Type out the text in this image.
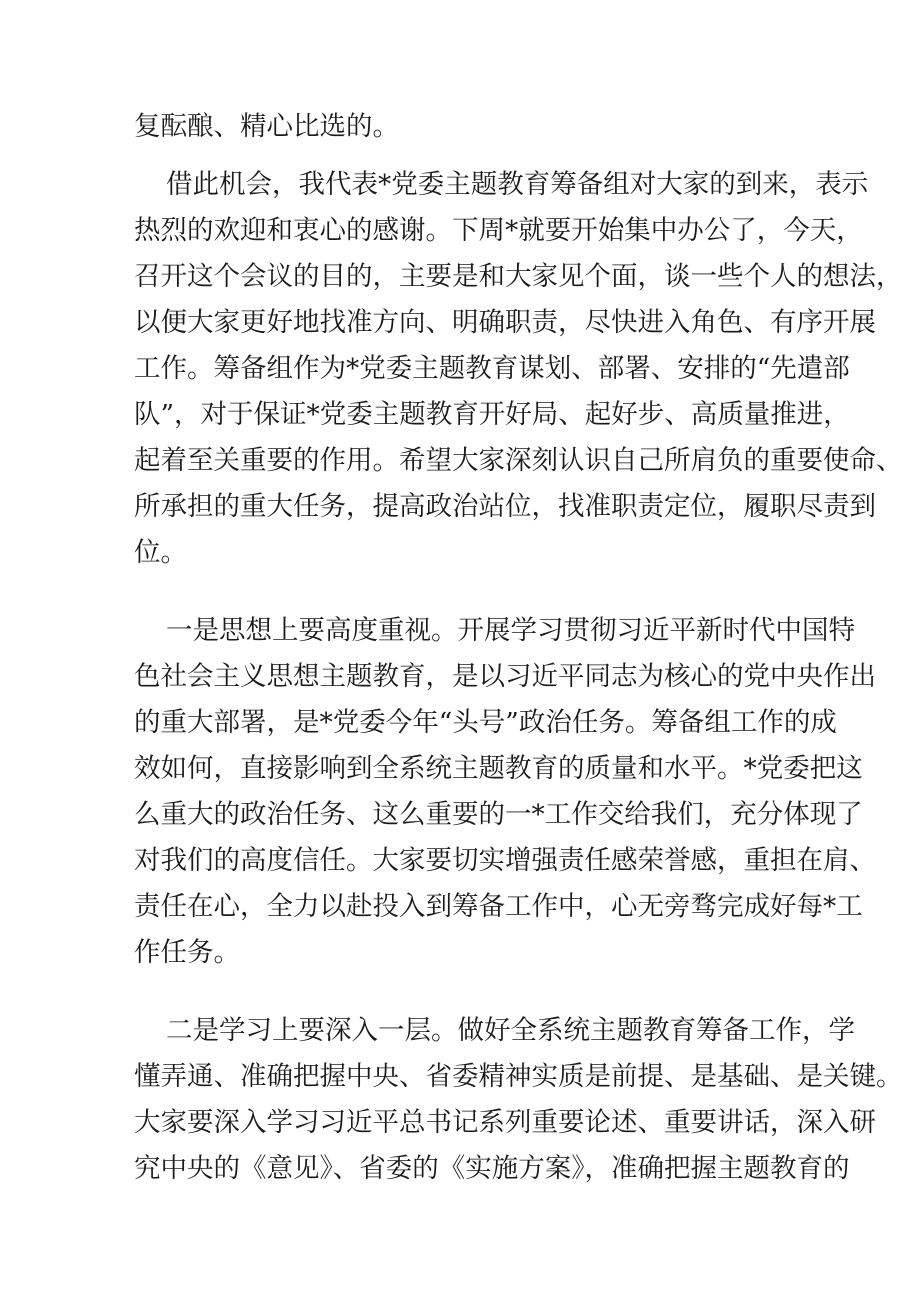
复酝酿、精心比选的。
借此机会，我代表*党委主题教育筹备组对大家的到来，表示
热烈的欢迎和衷心的感谢。下周*就要开始集中办公了，今天，
召开这个会议的目的，主要是和大家见个面，谈一些个人的想法，
以便大家更好地找准方向、明确职责，尽快进入角色、有序开展
工作。筹备组作为*党委主题教育谋划、部署、安排的“先遣部
队”，对于保证*党委主题教育开好局、起好步、高质量推进，
起着至关重要的作用。希望大家深刻认识自己所肩负的重要使命、
所承担的重大任务，提高政治站位，找准职责定位，履职尽责到
位。
一是思想上要高度重视。开展学习贯彻习近平新时代中国特
色社会主义思想主题教育，是以习近平同志为核心的党中央作出
的重大部署，是*党委今年“头号”政治任务。筹备组工作的成
效如何，直接影响到全系统主题教育的质量和水平。*党委把这
么重大的政治任务、这么重要的一*工作交给我们，充分体现了
对我们的高度信任。大家要切实增强责任感荣誉感，重担在肩、
责任在心，全力以赴投入到筹备工作中，心无旁骛完成好每*工
作任务。
二是学习上要深入一层。做好全系统主题教育筹备工作，学
懂弄通、准确把握中央、省委精神实质是前提、是基础、是关键。
大家要深入学习习近平总书记系列重要论述、重要讲话，深入研
究中央的《意见》、省委的《实施方案》，准确把握主题教育的
